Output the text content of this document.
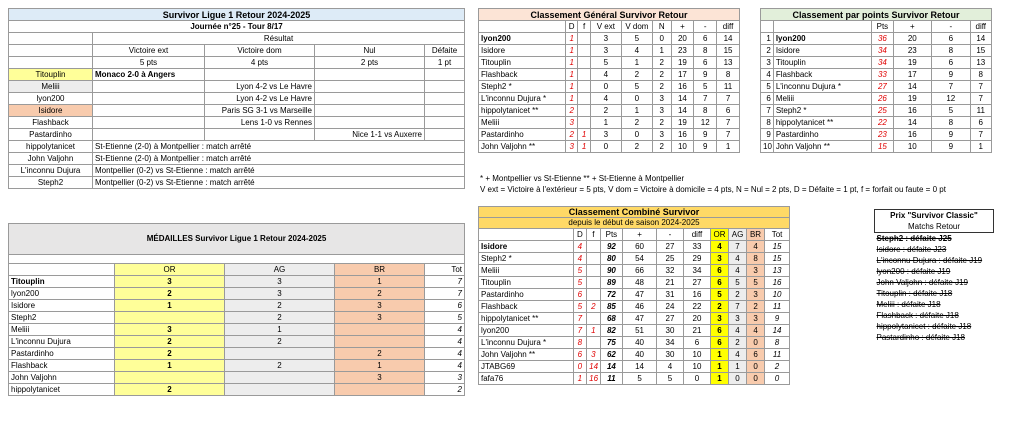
Survivor Ligue 1 Retour 2024-2025				
Journée n°25 - Tour 8/17				
	Résultat			
	Victoire ext	Victoire dom	Nul	Défaite
	5 pts	4 pts	2 pts	1 pt
Titouplin	Monaco 2-0 à Angers			
Meliii		Lyon 4-2 vs Le Havre		
lyon200		Lyon 4-2 vs Le Havre		
Isidore		Paris SG 3-1 vs Marseille		
Flashback		Lens 1-0 vs Rennes		
Pastardinho			Nice 1-1 vs Auxerre	
hippolytanicet	St-Etienne (2-0) à Montpellier : match arrêté			
John Valjohn	St-Etienne (2-0) à Montpellier : match arrêté			
L'inconnu Dujura	Montpellier (0-2) vs St-Etienne : match arrêté			
Steph2	Montpellier (0-2) vs St-Etienne : match arrêté			
MÉDAILLES Survivor Ligue 1 Retour 2024-2025				

	OR	AG	BR	Tot
Titouplin	3	3	1	7
lyon200	2	3	2	7
Isidore	1	2	3	6
Steph2		2	3	5
Meliii	3	1		4
L'inconnu Dujura	2	2		4
Pastardinho	2		2	4
Flashback	1	2	1	4
John Valjohn			3	3
hippolytanicet	2			2
Classement Général Survivor Retour								
	D	f	V ext	V dom	N	+	-	diff
lyon200	1		3	5	0	20	6	14
Isidore	1		3	4	1	23	8	15
Titouplin	1		5	1	2	19	6	13
Flashback	1		4	2	2	17	9	8
Steph2 *	1		0	5	2	16	5	11
L'inconnu Dujura *	1		4	0	3	14	7	7
hippolytanicet **	2		2	1	3	14	8	6
Meliii	3		1	2	2	19	12	7
Pastardinho	2	1	3	0	3	16	9	7
John Valjohn **	3	1	0	2	2	10	9	1
* + Montpellier vs St-Etienne ** + St-Etienne à Montpellier
V ext = Victoire à l'extérieur = 5 pts, V dom = Victoire à domicile = 4 pts, N = Nul = 2 pts, D = Défaite = 1 pt, f = forfait ou faute = 0 pt
Classement par points Survivor Retour					
		Pts	+	-	diff
1	lyon200	36	20	6	14
2	Isidore	34	23	8	15
3	Titouplin	34	19	6	13
4	Flashback	33	17	9	8
5	L'inconnu Dujura *	27	14	7	7
6	Meliii	26	19	12	7
7	Steph2 *	25	16	5	11
8	hippolytanicet **	22	14	8	6
9	Pastardinho	23	16	9	7
10	John Valjohn **	15	10	9	1
Classement Combiné Survivor										
depuis le début de saison 2024-2025										
	D	f	Pts	+	-	diff	OR	AG	BR	Tot
Isidore	4		92	60	27	33	4	7	4	15
Steph2 *	4		80	54	25	29	3	4	8	15
Meliii	5		90	66	32	34	6	4	3	13
Titouplin	5		89	48	21	27	6	5	5	16
Pastardinho	6		72	47	31	16	5	2	3	10
Flashback	5	2	85	46	24	22	2	7	2	11
hippolytanicet **	7		68	47	27	20	3	3	3	9
lyon200	7	1	82	51	30	21	6	4	4	14
L'inconnu Dujura *	8		75	40	34	6	6	2	0	8
John Valjohn **	6	3	62	40	30	10	1	4	6	11
JTABG69	0	14	14	14	4	10	1	1	0	2
fafa76	1	16	11	5	5	0	1	0	0	0
Prix "Survivor Classic"
Matchs Retour
Steph2 : défaite J25
Isidore : défaite J23
L'inconnu Dujura : défaite J19
lyon200 : défaite J19
John Valjohn : défaite J19
Titouplin : défaite J18
Meliii : défaite J18
Flashback : défaite J18
hippolytanicet : défaite J18
Pastardinho : défaite J18
